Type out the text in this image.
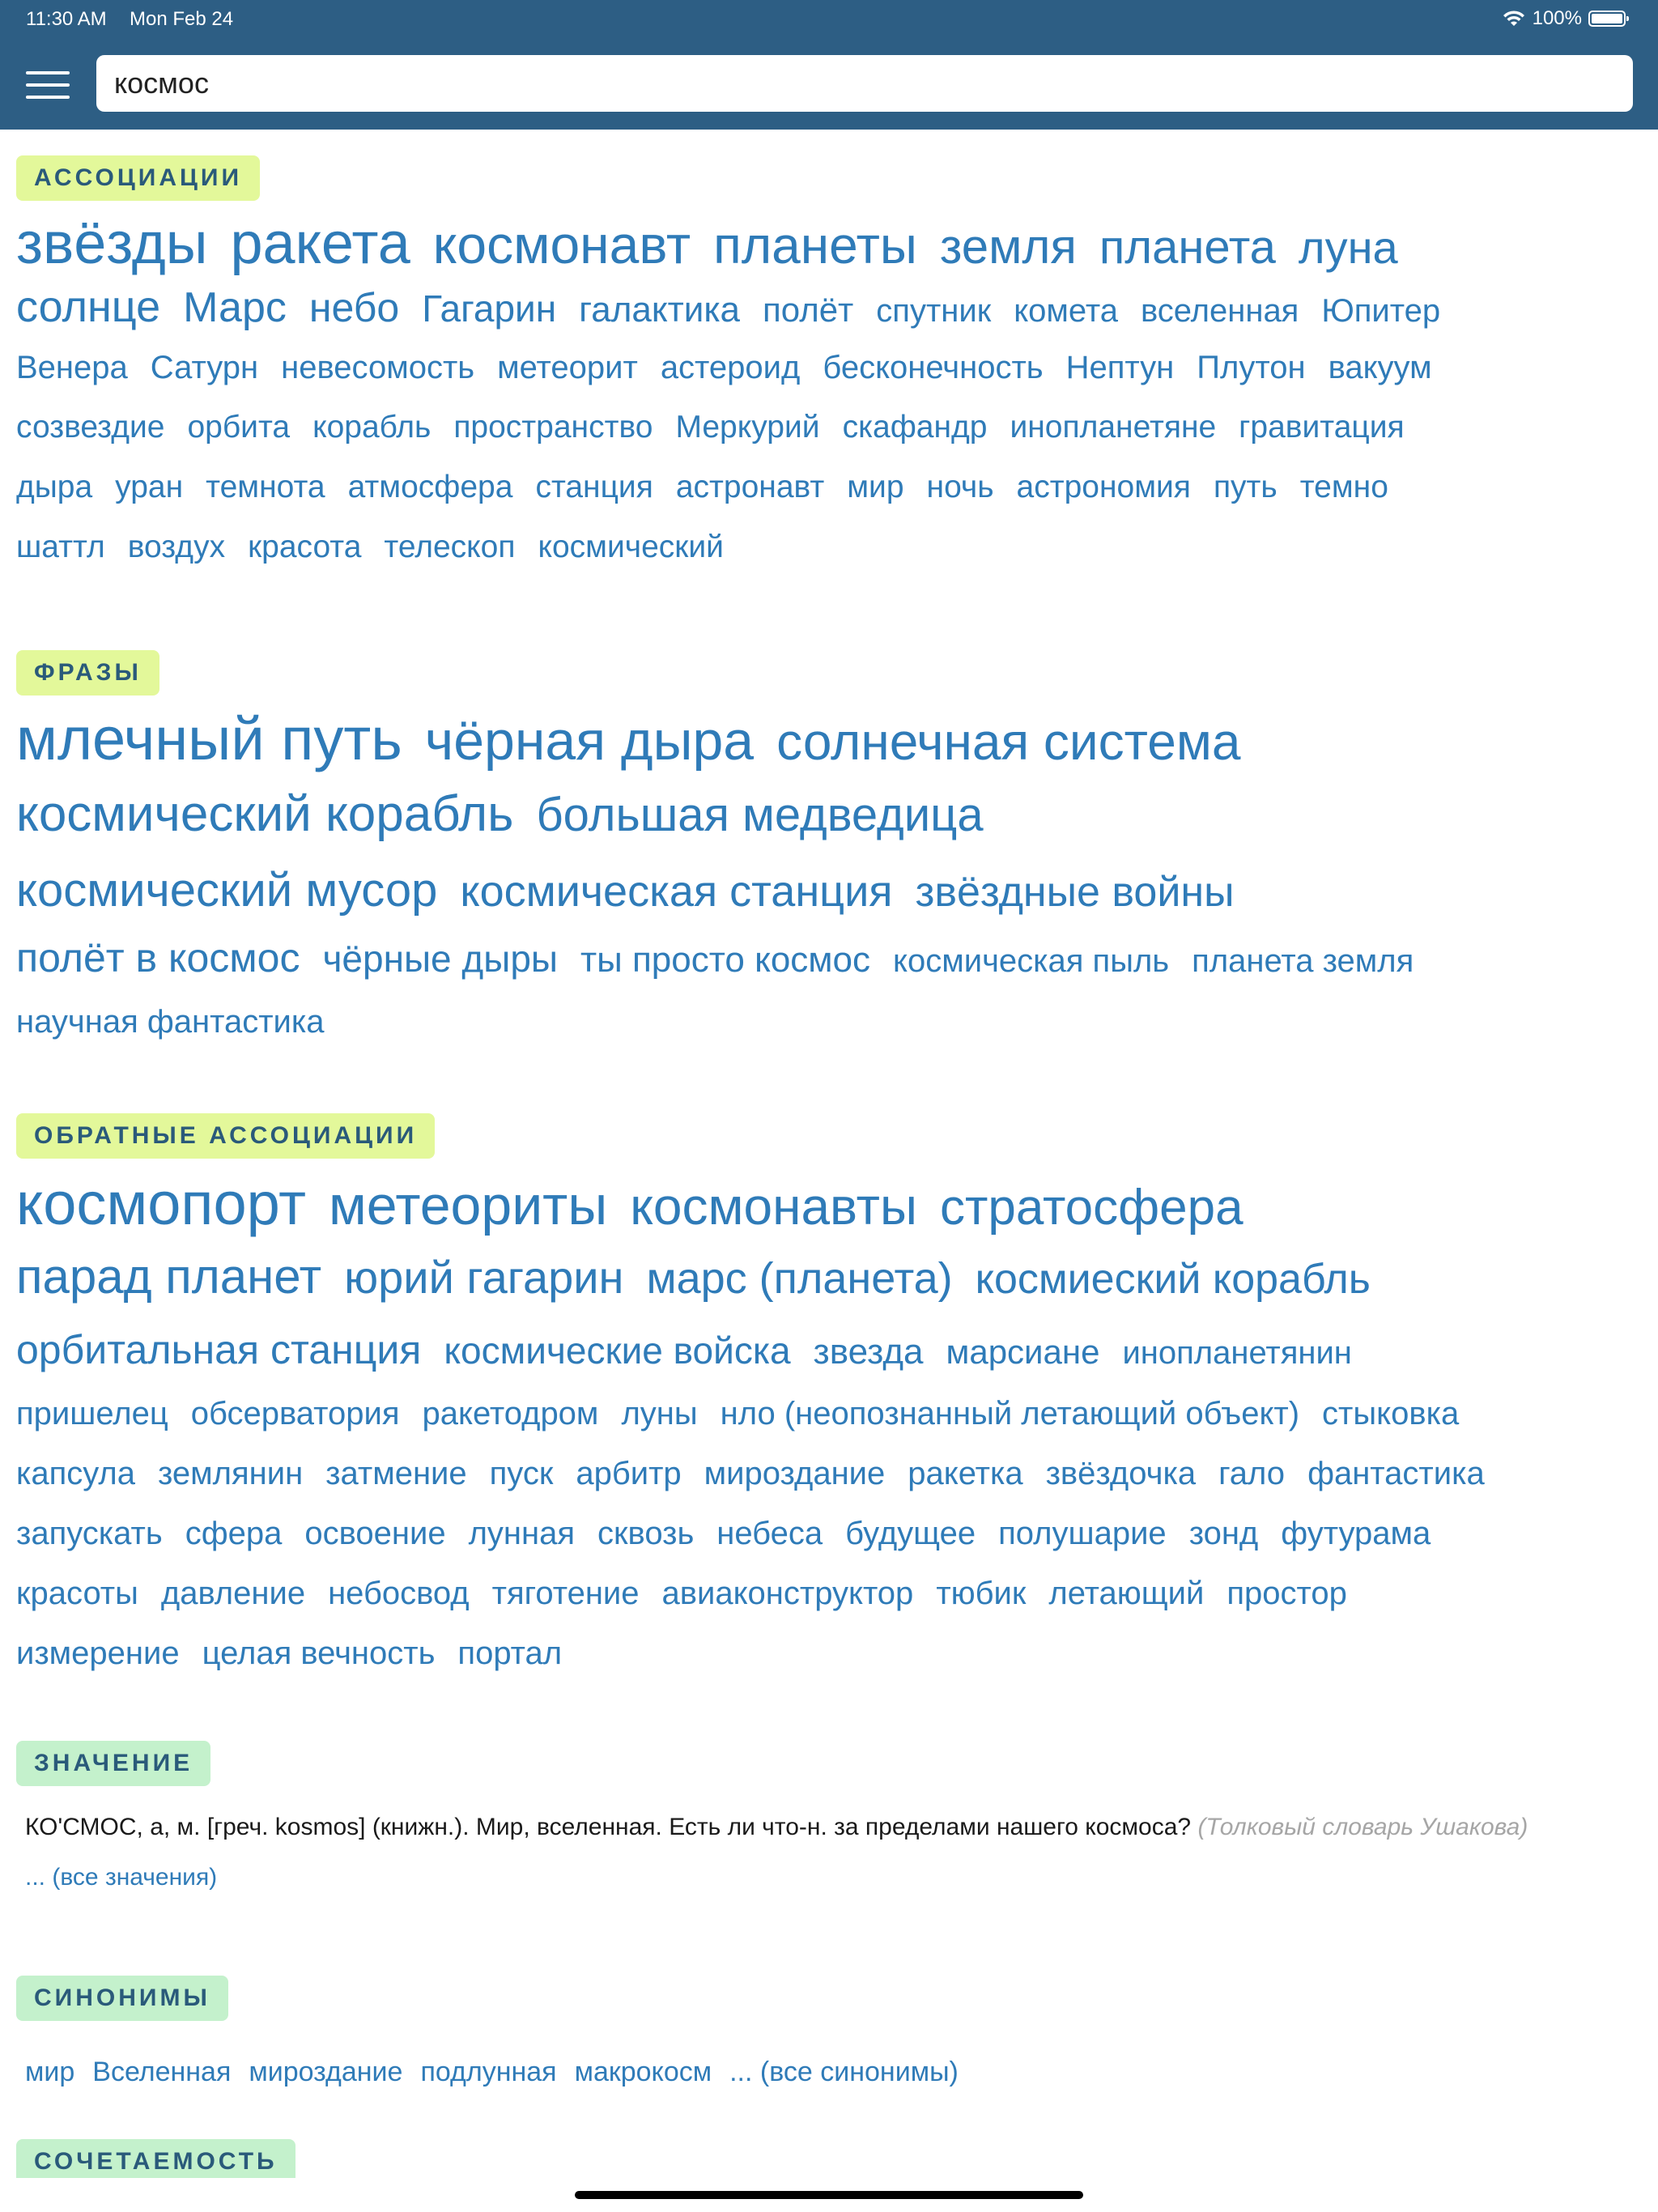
11:30 AM Mon Feb 24	100%
космос
АССОЦИАЦИИ
звёзды ракета космонавт планеты земля планета луна
солнце Марс небо Гагарин галактика полёт спутник комета вселенная Юпитер
Венера Сатурн невесомость метеорит астероид бесконечность Нептун Плутон вакуум
созвездие орбита корабль пространство Меркурий скафандр инопланетяне гравитация
дыра уран темнота атмосфера станция астронавт мир ночь астрономия путь темно
шаттл воздух красота телескоп космический
ФРАЗЫ
млечный путь чёрная дыра солнечная система
космический корабль большая медведица
космический мусор космическая станция звёздные войны
полёт в космос чёрные дыры ты просто космос космическая пыль планета земля
научная фантастика
ОБРАТНЫЕ АССОЦИАЦИИ
космопорт метеориты космонавты стратосфера
парад планет юрий гагарин марс (планета) космиеский корабль
орбитальная станция космические войска звезда марсиане инопланетянин
пришелец обсерватория ракетодром луны нло (неопознанный летающий объект) стыковка
капсула землянин затмение пуск арбитр мироздание ракетка звёздочка гало фантастика
запускать сфера освоение лунная сквозь небеса будущее полушарие зонд футурама
красоты давление небосвод тяготение авиаконструктор тюбик летающий простор
измерение целая вечность портал
ЗНАЧЕНИЕ
КО'СМОС, а, м. [греч. kosmos] (книжн.). Мир, вселенная. Есть ли что-н. за пределами нашего космоса? (Толковый словарь Ушакова)
... (все значения)
СИНОНИМЫ
мир Вселенная мироздание подлунная макрокосм ... (все синонимы)
СОЧЕТАЕМОСТЬ
